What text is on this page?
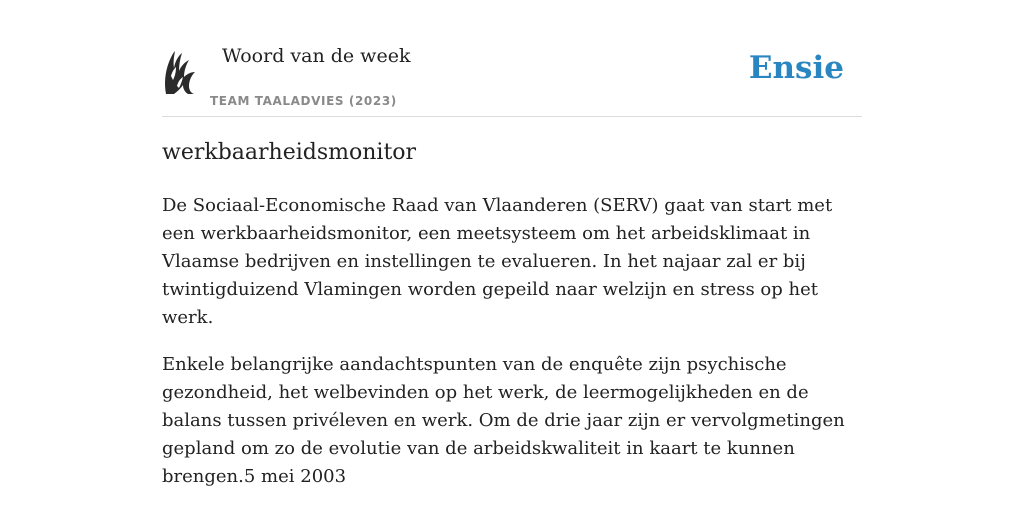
Woord van de week
TEAM TAALADVIES (2023)
Ensie
werkbaarheidsmonitor

De Sociaal-Economische Raad van Vlaanderen (SERV) gaat van start met een werkbaarheidsmonitor, een meetsysteem om het arbeidsklimaat in Vlaamse bedrijven en instellingen te evalueren. In het najaar zal er bij twintigduizend Vlamingen worden gepeild naar welzijn en stress op het werk.

Enkele belangrijke aandachtspunten van de enquête zijn psychische gezondheid, het welbevinden op het werk, de leermogelijkheden en de balans tussen privéleven en werk. Om de drie jaar zijn er vervolgmetingen gepland om zo de evolutie van de arbeidskwaliteit in kaart te kunnen brengen.5 mei 2003
